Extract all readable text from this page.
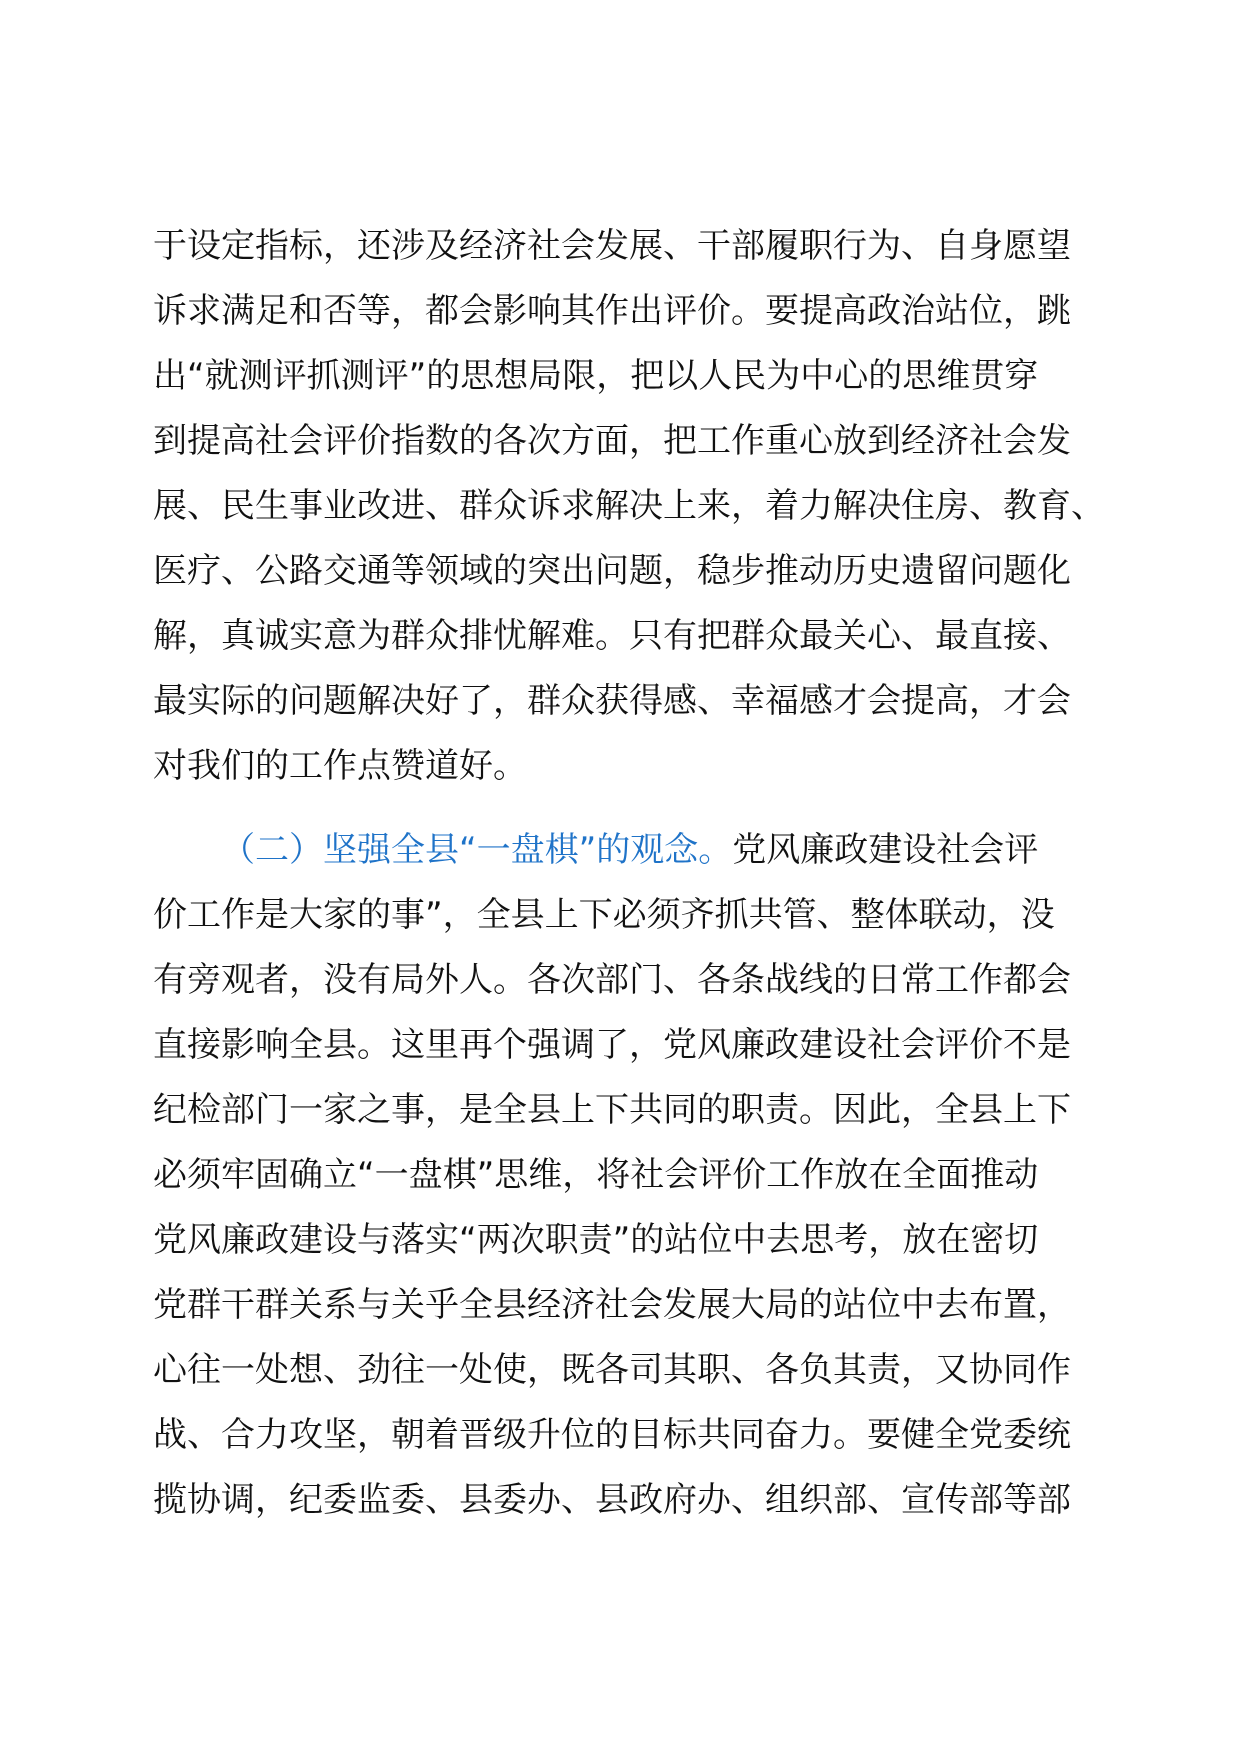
于设定指标，还涉及经济社会发展、干部履职行为、自身愿望
诉求满足和否等，都会影响其作出评价。要提高政治站位，跳
出“就测评抓测评”的思想局限，把以人民为中心的思维贯穿
到提高社会评价指数的各次方面，把工作重心放到经济社会发
展、民生事业改进、群众诉求解决上来，着力解决住房、教育、
医疗、公路交通等领域的突出问题，稳步推动历史遗留问题化
解，真诚实意为群众排忧解难。只有把群众最关心、最直接、
最实际的问题解决好了，群众获得感、幸福感才会提高，才会
对我们的工作点赞道好。
（二）坚强全县“一盘棋”的观念。党风廉政建设社会评
价工作是大家的事”，全县上下必须齐抓共管、整体联动，没
有旁观者，没有局外人。各次部门、各条战线的日常工作都会
直接影响全县。这里再个强调了，党风廉政建设社会评价不是
纪检部门一家之事，是全县上下共同的职责。因此，全县上下
必须牢固确立“一盘棋”思维，将社会评价工作放在全面推动
党风廉政建设与落实“两次职责”的站位中去思考，放在密切
党群干群关系与关乎全县经济社会发展大局的站位中去布置，
心往一处想、劲往一处使，既各司其职、各负其责，又协同作
战、合力攻坚，朝着晋级升位的目标共同奋力。要健全党委统
揽协调，纪委监委、县委办、县政府办、组织部、宣传部等部
